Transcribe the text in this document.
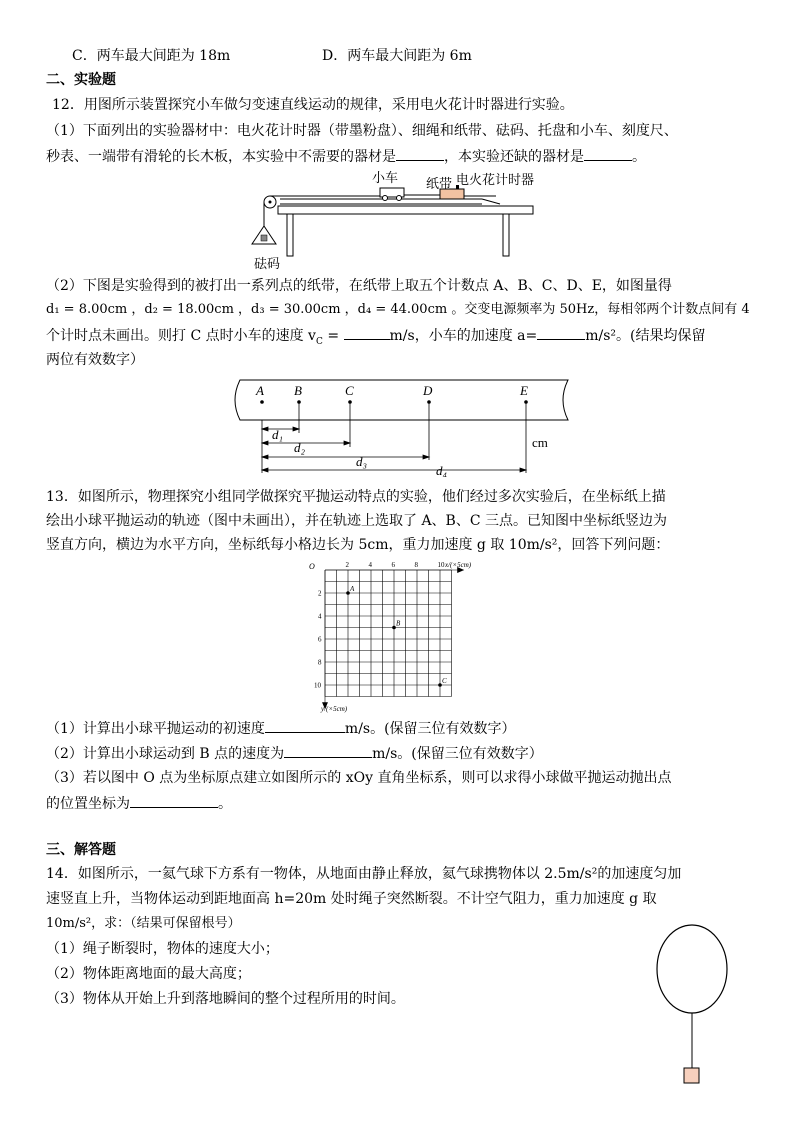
C．两车最大间距为 18m	D．两车最大间距为 6m
二、实验题
12．用图所示装置探究小车做匀变速直线运动的规律，采用电火花计时器进行实验。
（1）下面列出的实验器材中：电火花计时器（带墨粉盘）、细绳和纸带、砝码、托盘和小车、刻度尺、
秒表、一端带有滑轮的长木板，本实验中不需要的器材是	，本实验还缺的器材是	。
小车 纸带 电火花计时器
砝码
（2）下图是实验得到的被打出一系列点的纸带，在纸带上取五个计数点 A、B、C、D、E，如图量得
d₁ = 8.00cm ，d₂ = 18.00cm ，d₃ = 30.00cm ，d₄ = 44.00cm 。交变电源频率为 50Hz，每相邻两个计数点间有 4
个计时点未画出。则打 C 点时小车的速度 $v_C$ =	m/s，小车的加速度 a=	m/s²。(结果均保留
两位有效数字）
A B	C	D	E
d₁
d₂
d₃
d₄
cm
13．如图所示，物理探究小组同学做探究平抛运动特点的实验，他们经过多次实验后，在坐标纸上描
绘出小球平抛运动的轨迹（图中未画出），并在轨迹上选取了 A、B、C 三点。已知图中坐标纸竖边为
竖直方向，横边为水平方向，坐标纸每小格边长为 5cm，重力加速度 g 取 10m/s²，回答下列问题：
2	4	6	8	10
2
4
6
8
10
A
B
C
O	x/(×5cm)
y/(×5cm)
（1）计算出小球平抛运动的初速度	m/s。(保留三位有效数字）
（2）计算出小球运动到 B 点的速度为	m/s。(保留三位有效数字）
（3）若以图中 O 点为坐标原点建立如图所示的 xOy 直角坐标系，则可以求得小球做平抛运动抛出点
的位置坐标为	。
三、解答题
14．如图所示，一氦气球下方系有一物体，从地面由静止释放，氦气球携物体以 2.5m/s²的加速度匀加
速竖直上升，当物体运动到距地面高 h=20m 处时绳子突然断裂。不计空气阻力，重力加速度 g 取
10m/s²，求：（结果可保留根号）
（1）绳子断裂时，物体的速度大小；
（2）物体距离地面的最大高度；
（3）物体从开始上升到落地瞬间的整个过程所用的时间。
